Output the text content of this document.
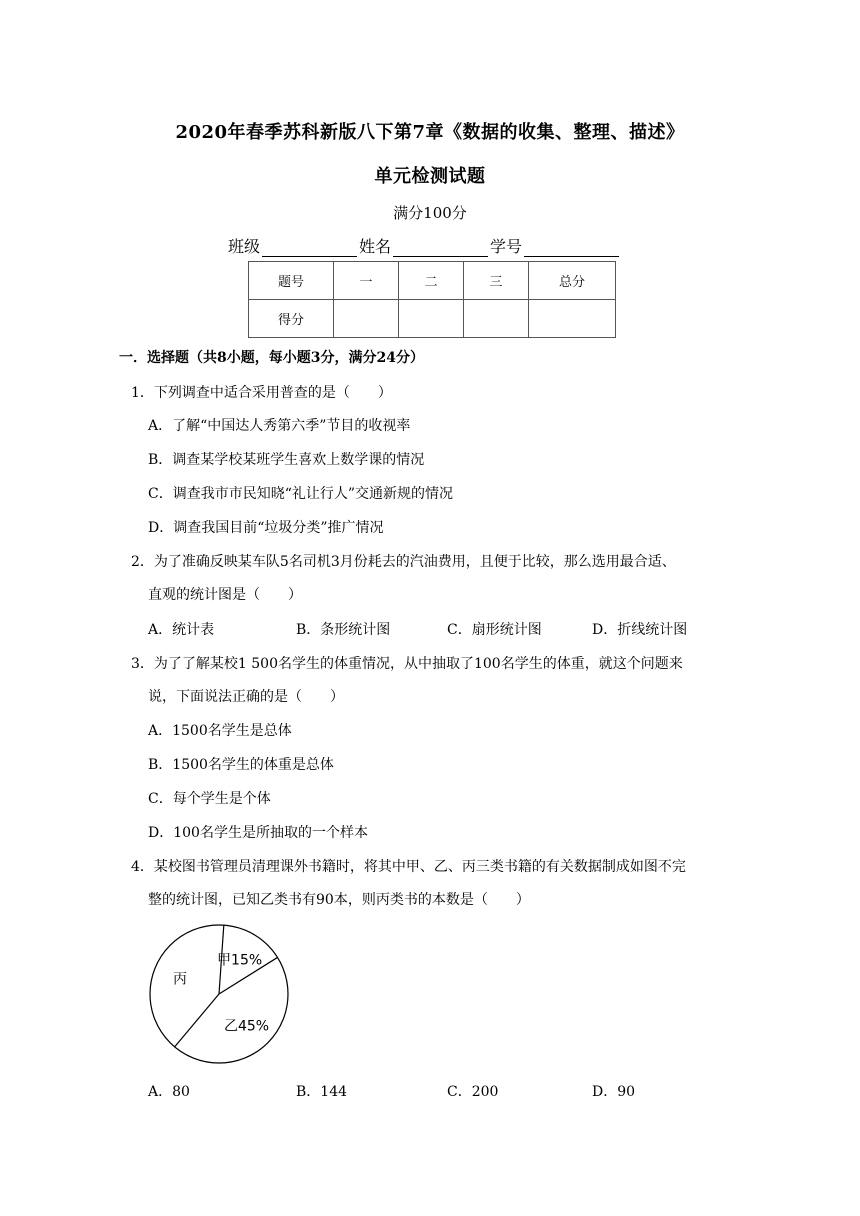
2020年春季苏科新版八下第7章《数据的收集、整理、描述》
单元检测试题
满分100分
班级	姓名	学号
题号	一	二	三	总分
得分				
一．选择题（共8小题，每小题3分，满分24分）
1．下列调查中适合采用普查的是（　　）
A．了解“中国达人秀第六季”节目的收视率
B．调查某学校某班学生喜欢上数学课的情况
C．调查我市市民知晓“礼让行人”交通新规的情况
D．调查我国目前“垃圾分类”推广情况
2．为了准确反映某车队5名司机3月份耗去的汽油费用，且便于比较，那么选用最合适、
直观的统计图是（　　）
A．统计表	B．条形统计图	C．扇形统计图	D．折线统计图
3．为了了解某校1 500名学生的体重情况，从中抽取了100名学生的体重，就这个问题来
说，下面说法正确的是（　　）
A．1500名学生是总体
B．1500名学生的体重是总体
C．每个学生是个体
D．100名学生是所抽取的一个样本
4．某校图书管理员清理课外书籍时，将其中甲、乙、丙三类书籍的有关数据制成如图不完
整的统计图，已知乙类书有90本，则丙类书的本数是（　　）
甲15%
乙45%
丙
A．80	B．144	C．200	D．90
